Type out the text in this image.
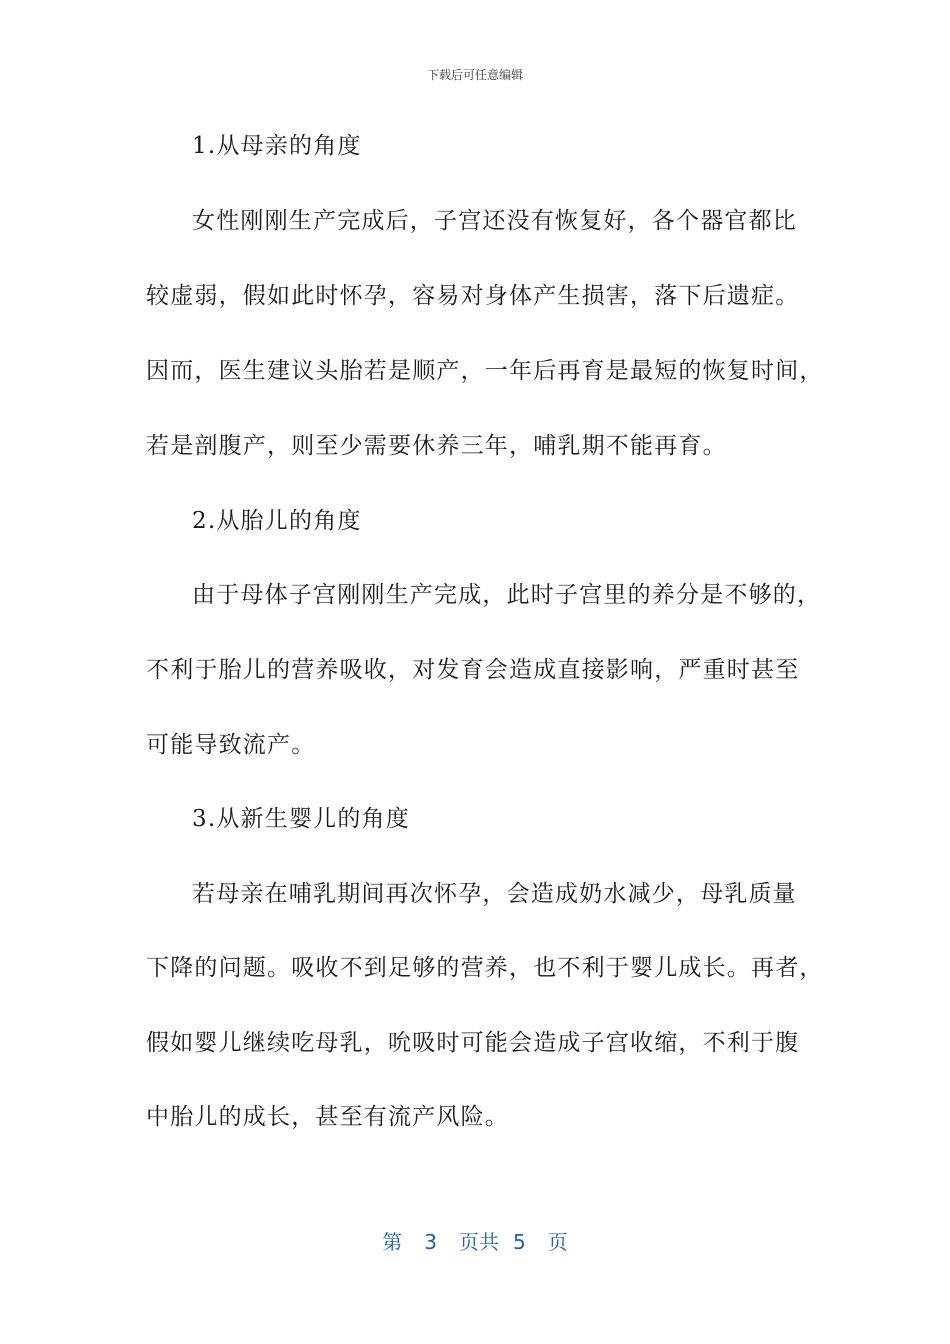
下载后可任意编辑
1.从母亲的角度
女性刚刚生产完成后，子宫还没有恢复好，各个器官都比
较虚弱，假如此时怀孕，容易对身体产生损害，落下后遗症。
因而，医生建议头胎若是顺产，一年后再育是最短的恢复时间，
若是剖腹产，则至少需要休养三年，哺乳期不能再育。
2.从胎儿的角度
由于母体子宫刚刚生产完成，此时子宫里的养分是不够的，
不利于胎儿的营养吸收，对发育会造成直接影响，严重时甚至
可能导致流产。
3.从新生婴儿的角度
若母亲在哺乳期间再次怀孕，会造成奶水减少，母乳质量
下降的问题。吸收不到足够的营养，也不利于婴儿成长。再者，
假如婴儿继续吃母乳，吮吸时可能会造成子宫收缩，不利于腹
中胎儿的成长，甚至有流产风险。
第 3 页共 5 页
